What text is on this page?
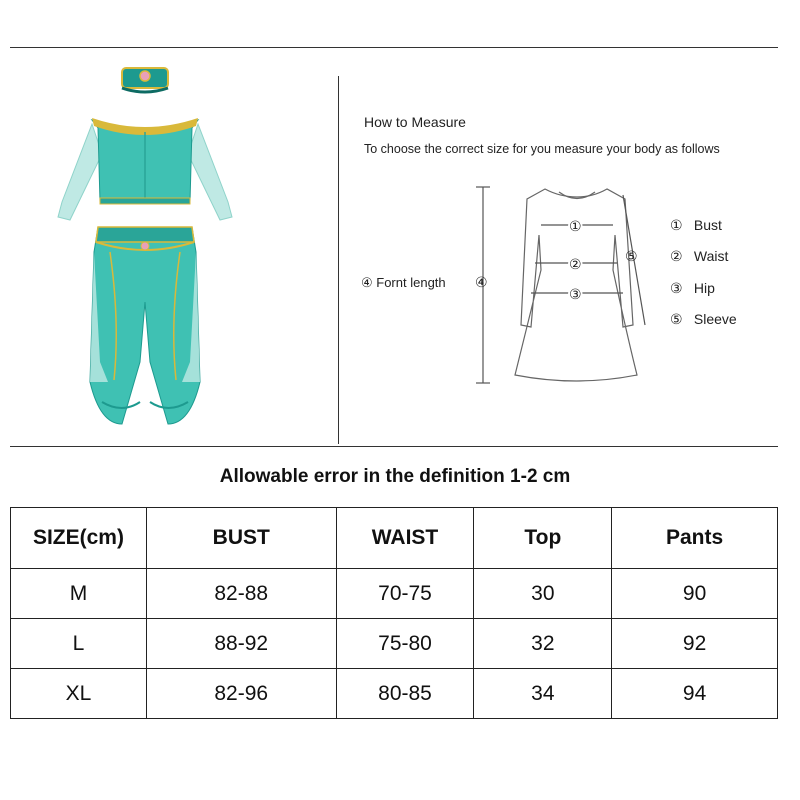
How to Measure
To choose the correct size for you measure your body as follows
④ Fornt length ④
①
②
③
⑤
① Bust
② Waist
③ Hip
⑤ Sleeve
Allowable error in the definition 1-2 cm
SIZE(cm)	BUST	WAIST	Top	Pants
M	82-88	70-75	30	90
L	88-92	75-80	32	92
XL	82-96	80-85	34	94
